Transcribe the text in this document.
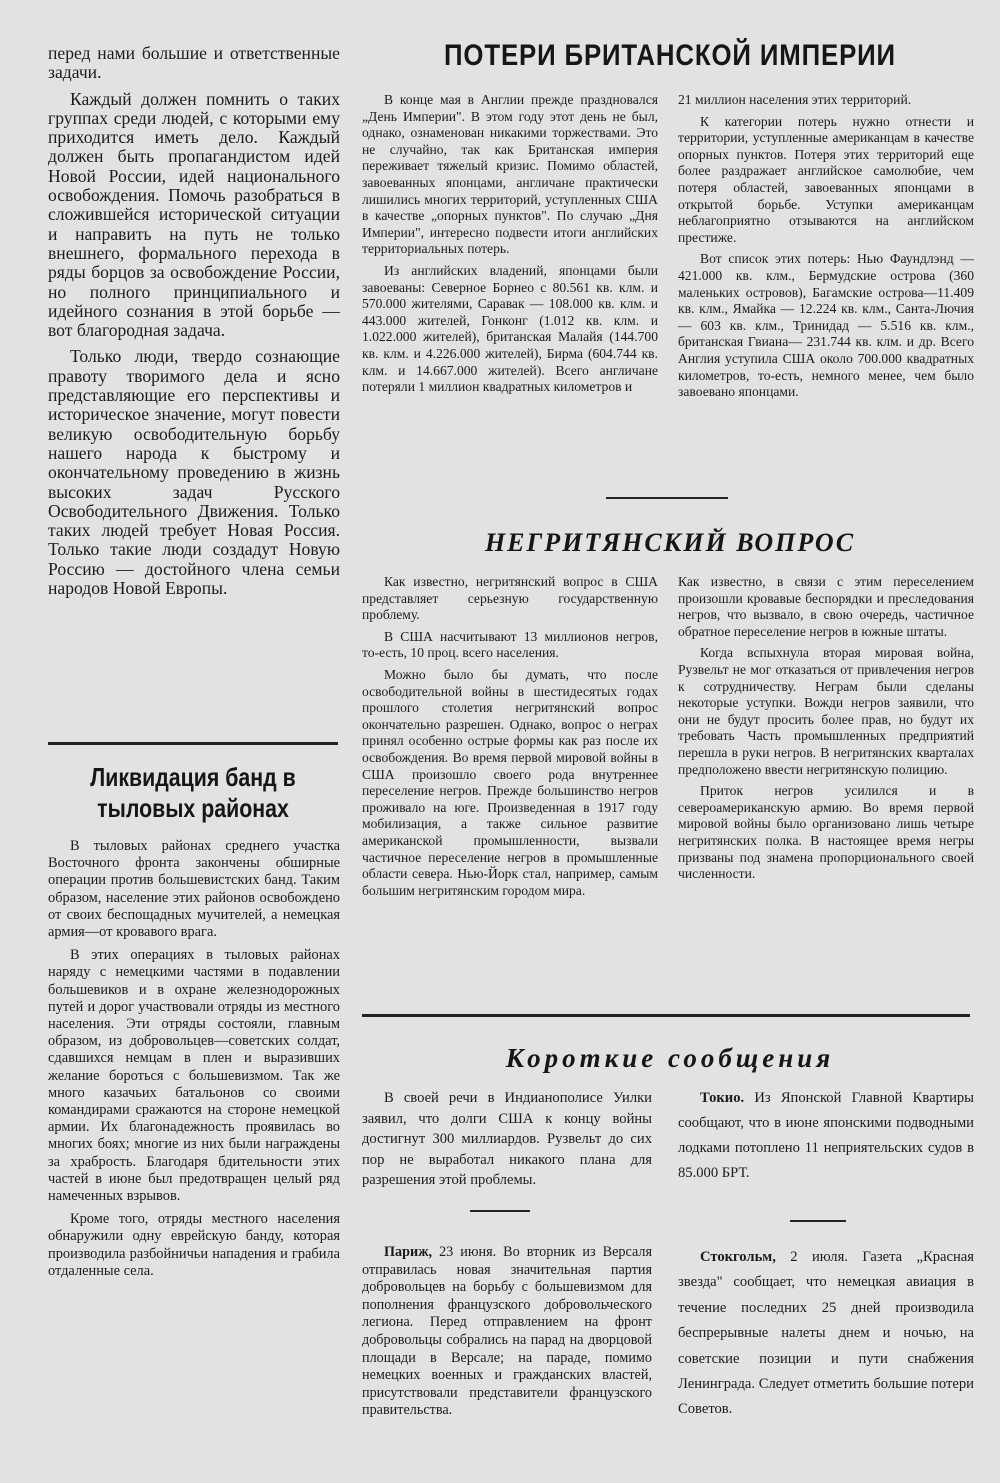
перед нами большие и ответственные задачи.

Каждый должен помнить о таких группах среди людей, с которыми ему приходится иметь дело. Каждый должен быть пропагандистом идей Новой России, идей национального освобождения. Помочь разобраться в сложившейся исторической ситуации и направить на путь не только внешнего, формального перехода в ряды борцов за освобождение России, но полного принципиального и идейного сознания в этой борьбе — вот благородная задача.

Только люди, твердо сознающие правоту творимого дела и ясно представляющие его перспективы и историческое значение, могут повести великую освободительную борьбу нашего народа к быстрому и окончательному проведению в жизнь высоких задач Русского Освободительного Движения. Только таких людей требует Новая Россия. Только такие люди создадут Новую Россию — достойного члена семьи народов Новой Европы.

Ликвидация банд в тыловых районах

В тыловых районах среднего участка Восточного фронта закончены обширные операции против большевистских банд. Таким образом, население этих районов освобождено от своих беспощадных мучителей, а немецкая армия—от кровавого врага.

В этих операциях в тыловых районах наряду с немецкими частями в подавлении большевиков и в охране железнодорожных путей и дорог участвовали отряды из местного населения. Эти отряды состояли, главным образом, из добровольцев—советских солдат, сдавшихся немцам в плен и выразивших желание бороться с большевизмом. Так же много казачьих батальонов со своими командирами сражаются на стороне немецкой армии. Их благонадежность проявилась во многих боях; многие из них были награждены за храбрость. Благодаря бдительности этих частей в июне был предотвращен целый ряд намеченных взрывов.

Кроме того, отряды местного населения обнаружили одну еврейскую банду, которая производила разбойничьи нападения и грабила отдаленные села.

ПОТЕРИ БРИТАНСКОЙ ИМПЕРИИ

В конце мая в Англии прежде праздновался „День Империи". В этом году этот день не был, однако, ознаменован никакими торжествами. Это не случайно, так как Британская империя переживает тяжелый кризис. Помимо областей, завоеванных японцами, англичане практически лишились многих территорий, уступленных США в качестве „опорных пунктов". По случаю „Дня Империи", интересно подвести итоги английских территориальных потерь.

Из английских владений, японцами были завоеваны: Северное Борнео с 80.561 кв. клм. и 570.000 жителями, Саравак — 108.000 кв. клм. и 443.000 жителей, Гонконг (1.012 кв. клм. и 1.022.000 жителей), британская Малайя (144.700 кв. клм. и 4.226.000 жителей), Бирма (604.744 кв. клм. и 14.667.000 жителей). Всего англичане потеряли 1 миллион квадратных километров и

21 миллион населения этих территорий.

К категории потерь нужно отнести и территории, уступленные американцам в качестве опорных пунктов. Потеря этих территорий еще более раздражает английское самолюбие, чем потеря областей, завоеванных японцами в открытой борьбе. Уступки американцам неблагоприятно отзываются на английском престиже.

Вот список этих потерь: Нью Фаундлэнд — 421.000 кв. клм., Бермудские острова (360 маленьких островов), Багамские острова—11.409 кв. клм., Ямайка — 12.224 кв. клм., Санта-Лючия — 603 кв. клм., Тринидад — 5.516 кв. клм., британская Гвиана— 231.744 кв. клм. и др. Всего Англия уступила США около 700.000 квадратных километров, то-есть, немного менее, чем было завоевано японцами.

НЕГРИТЯНСКИЙ ВОПРОС

Как известно, негритянский вопрос в США представляет серьезную государственную проблему.

В США насчитывают 13 миллионов негров, то-есть, 10 проц. всего населения.

Можно было бы думать, что после освободительной войны в шестидесятых годах прошлого столетия негритянский вопрос окончательно разрешен. Однако, вопрос о неграх принял особенно острые формы как раз после их освобождения. Во время первой мировой войны в США произошло своего рода внутреннее переселение негров. Прежде большинство негров проживало на юге. Произведенная в 1917 году мобилизация, а также сильное развитие американской промышленности, вызвали частичное переселение негров в промышленные области севера. Нью-Йорк стал, например, самым большим негритянским городом мира.

Как известно, в связи с этим переселением произошли кровавые беспорядки и преследования негров, что вызвало, в свою очередь, частичное обратное переселение негров в южные штаты.

Когда вспыхнула вторая мировая война, Рузвельт не мог отказаться от привлечения негров к сотрудничеству. Неграм были сделаны некоторые уступки. Вожди негров заявили, что они не будут просить более прав, но будут их требовать Часть промышленных предприятий перешла в руки негров. В негритянских кварталах предположено ввести негритянскую полицию.

Приток негров усилился и в североамериканскую армию. Во время первой мировой войны было организовано лишь четыре негритянских полка. В настоящее время негры призваны под знамена пропорционального своей численности.

Короткие сообщения

В своей речи в Индианополисе Уилки заявил, что долги США к концу войны достигнут 300 миллиардов. Рузвельт до сих пор не выработал никакого плана для разрешения этой проблемы.

Токио. Из Японской Главной Квартиры сообщают, что в июне японскими подводными лодками потоплено 11 неприятельских судов в 85.000 БРТ.

Париж, 23 июня. Во вторник из Версаля отправилась новая значительная партия добровольцев на борьбу с большевизмом для пополнения французского добровольческого легиона. Перед отправлением на фронт добровольцы собрались на парад на дворцовой площади в Версале; на параде, помимо немецких военных и гражданских властей, присутствовали представители французского правительства.

Стокгольм, 2 июля. Газета „Красная звезда" сообщает, что немецкая авиация в течение последних 25 дней производила беспрерывные налеты днем и ночью, на советские позиции и пути снабжения Ленинграда. Следует отметить большие потери Советов.
